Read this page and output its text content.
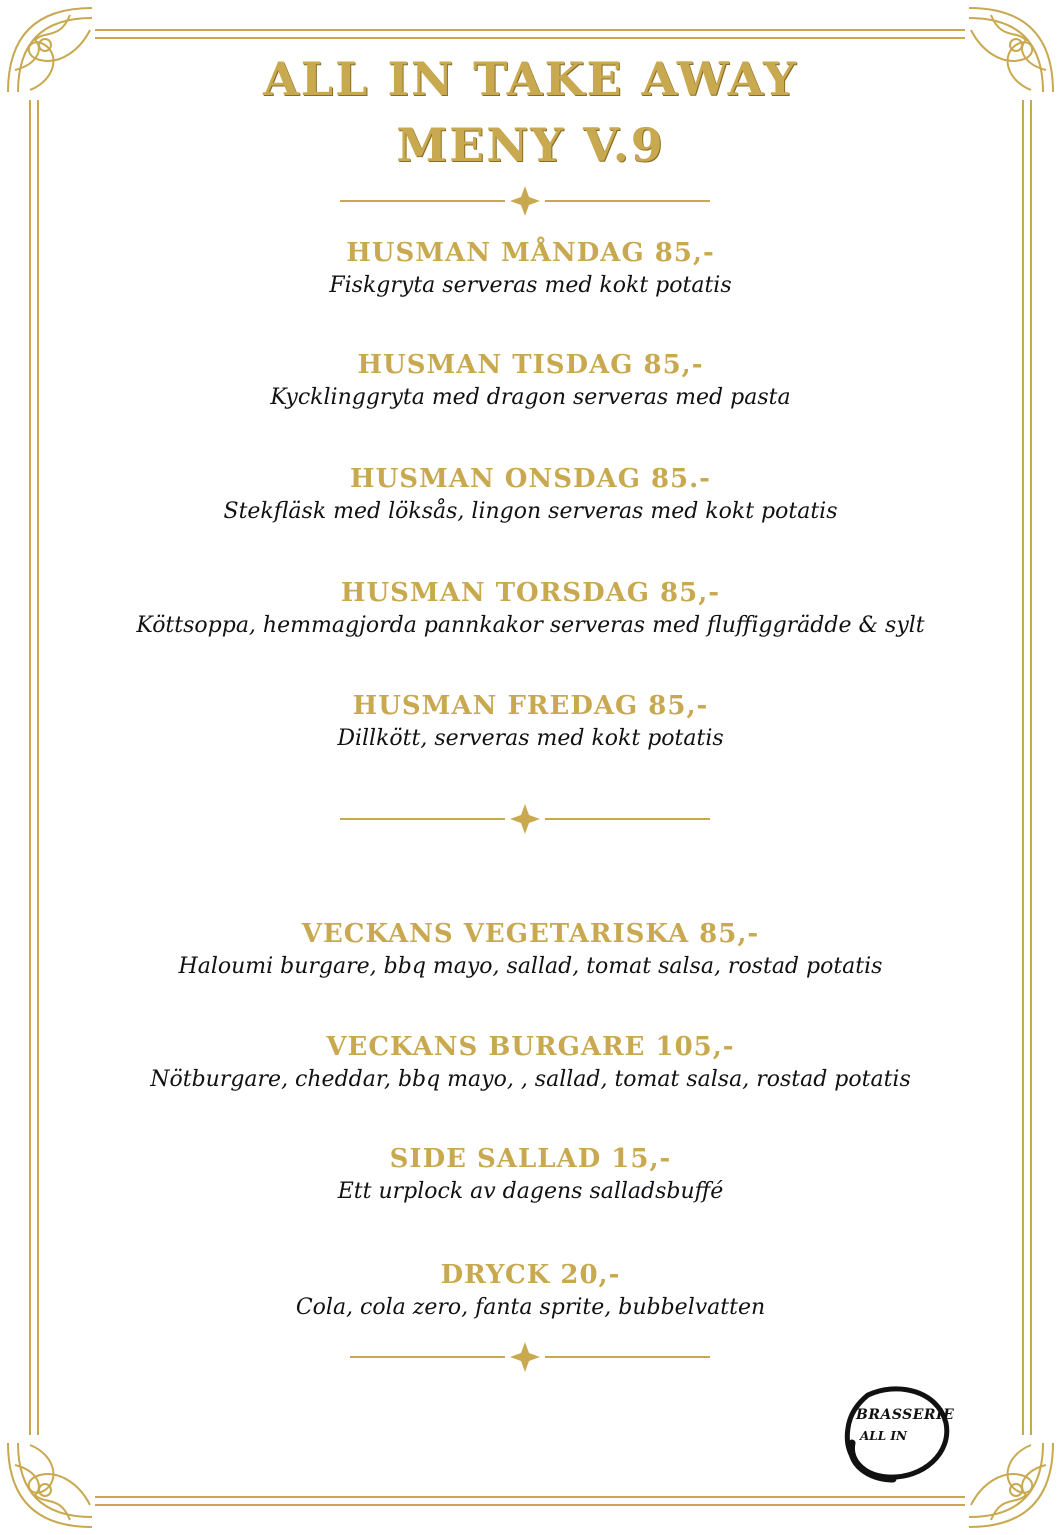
ALL IN TAKE AWAY
MENY V.9
HUSMAN MÅNDAG 85,-
Fiskgryta serveras med kokt potatis
HUSMAN TISDAG 85,-
Kycklinggryta med dragon serveras med pasta
HUSMAN ONSDAG 85.-
Stekfläsk med löksås, lingon serveras med kokt potatis
HUSMAN TORSDAG 85,-
Köttsoppa, hemmagjorda pannkakor serveras med fluffiggrädde & sylt
HUSMAN FREDAG 85,-
Dillkött, serveras med kokt potatis
VECKANS VEGETARISKA 85,-
Haloumi burgare, bbq mayo, sallad, tomat salsa, rostad potatis
VECKANS BURGARE 105,-
Nötburgare, cheddar, bbq mayo, , sallad, tomat salsa, rostad potatis
SIDE SALLAD 15,-
Ett urplock av dagens salladsbuffé
DRYCK 20,-
Cola, cola zero, fanta sprite, bubbelvatten
BRASSERIE
ALL IN
